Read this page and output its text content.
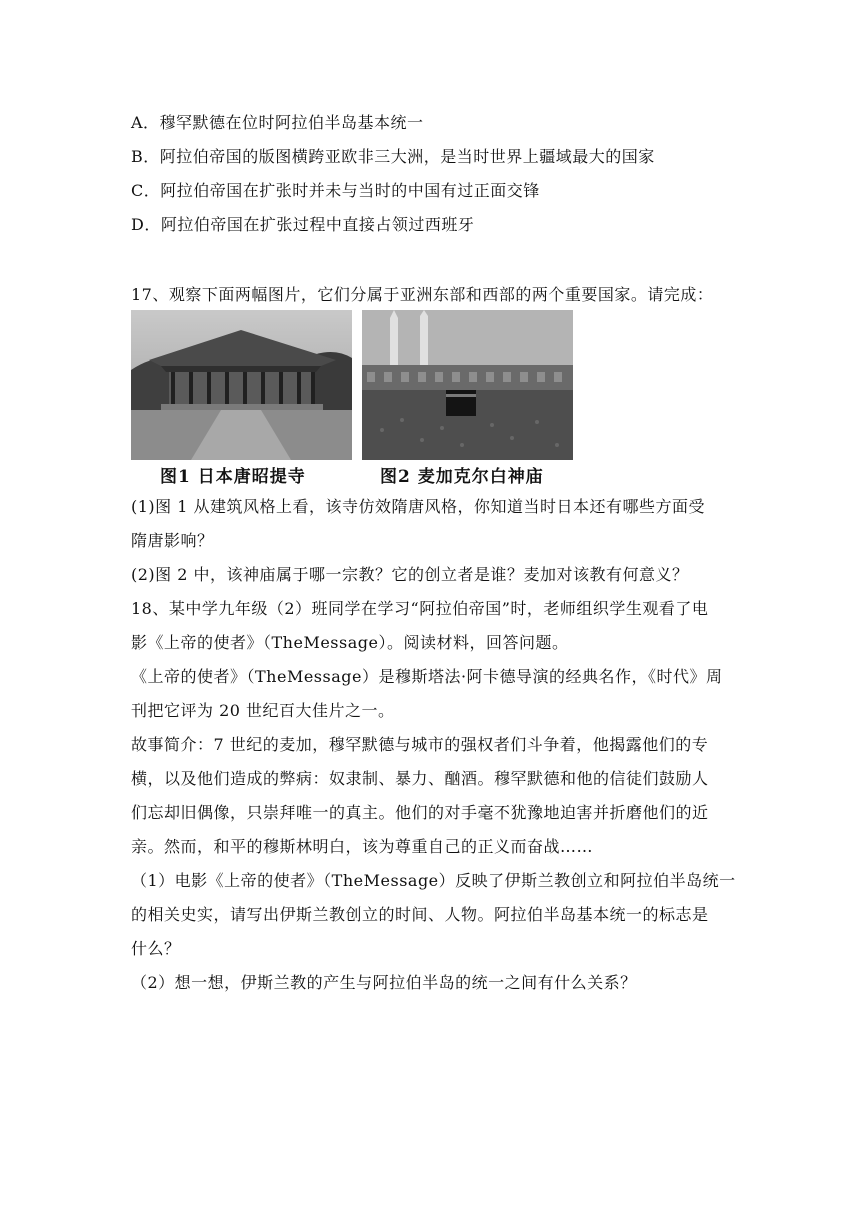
A．穆罕默德在位时阿拉伯半岛基本统一
B．阿拉伯帝国的版图横跨亚欧非三大洲，是当时世界上疆域最大的国家
C．阿拉伯帝国在扩张时并未与当时的中国有过正面交锋
D．阿拉伯帝国在扩张过程中直接占领过西班牙
17、观察下面两幅图片，它们分属于亚洲东部和西部的两个重要国家。请完成：
图1 日本唐昭提寺	图2 麦加克尔白神庙
(1)图 1 从建筑风格上看，该寺仿效隋唐风格，你知道当时日本还有哪些方面受
隋唐影响？
(2)图 2 中，该神庙属于哪一宗教？它的创立者是谁？麦加对该教有何意义？
18、某中学九年级（2）班同学在学习“阿拉伯帝国”时，老师组织学生观看了电
影《上帝的使者》（TheMessage）。阅读材料，回答问题。
《上帝的使者》（TheMessage）是穆斯塔法·阿卡德导演的经典名作，《时代》周
刊把它评为 20 世纪百大佳片之一。
故事简介：7 世纪的麦加，穆罕默德与城市的强权者们斗争着，他揭露他们的专
横，以及他们造成的弊病：奴隶制、暴力、酗酒。穆罕默德和他的信徒们鼓励人
们忘却旧偶像，只崇拜唯一的真主。他们的对手毫不犹豫地迫害并折磨他们的近
亲。然而，和平的穆斯林明白，该为尊重自己的正义而奋战……
（1）电影《上帝的使者》（TheMessage）反映了伊斯兰教创立和阿拉伯半岛统一
的相关史实，请写出伊斯兰教创立的时间、人物。阿拉伯半岛基本统一的标志是
什么？
（2）想一想，伊斯兰教的产生与阿拉伯半岛的统一之间有什么关系？
